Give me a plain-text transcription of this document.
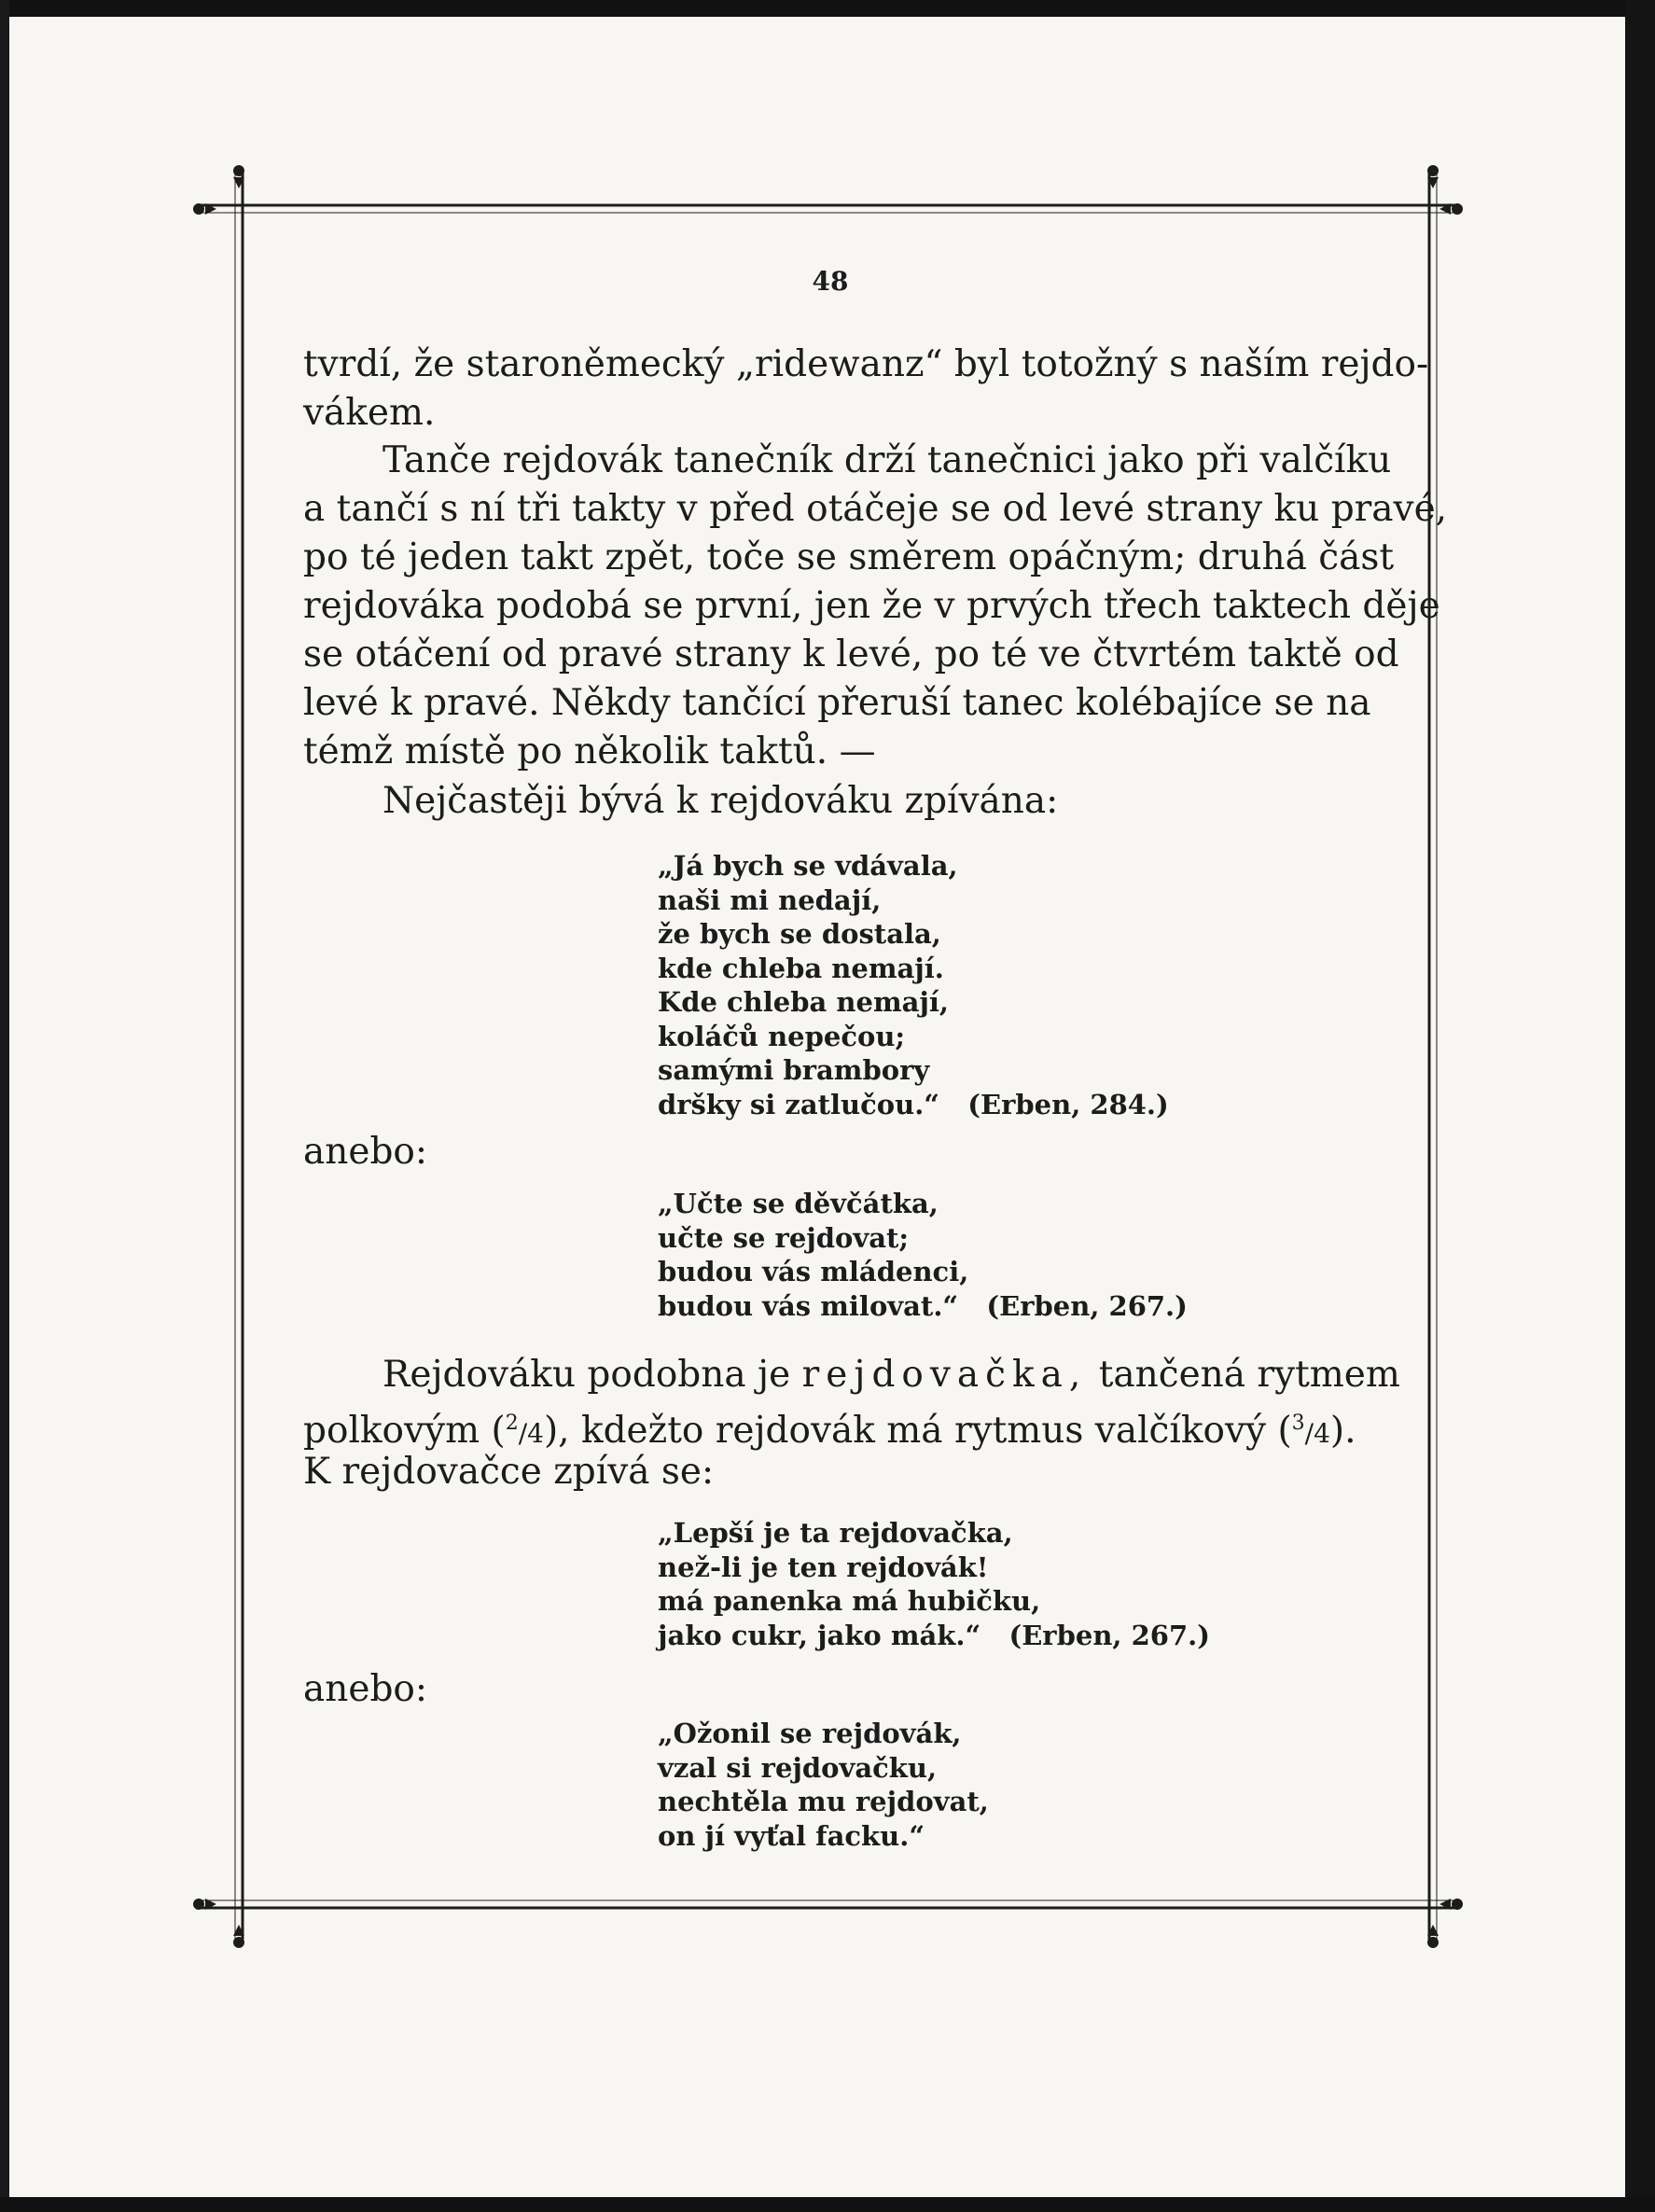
48
tvrdí, že staroněmecký „ridewanz“ byl totožný s naším rejdo-
vákem.
Tanče rejdovák tanečník drží tanečnici jako při valčíku
a tančí s ní tři takty v před otáčeje se od levé strany ku pravé,
po té jeden takt zpět, toče se směrem opáčným; druhá část
rejdováka podobá se první, jen že v prvých třech taktech děje
se otáčení od pravé strany k levé, po té ve čtvrtém taktě od
levé k pravé. Někdy tančící přeruší tanec kolébajíce se na
témž místě po několik taktů. —
Nejčastěji bývá k rejdováku zpívána:
„Já bych se vdávala,
naši mi nedají,
že bych se dostala,
kde chleba nemají.
Kde chleba nemají,
koláčů nepečou;
samými brambory
dršky si zatlučou.“ (Erben, 284.)
anebo:
„Učte se děvčátka,
učte se rejdovat;
budou vás mládenci,
budou vás milovat.“ (Erben, 267.)
Rejdováku podobna je rejdovačka, tančená rytmem
polkovým ($^2$/4), kdežto rejdovák má rytmus valčíkový ($^3$/4).
K rejdovačce zpívá se:
„Lepší je ta rejdovačka,
než-li je ten rejdovák!
má panenka má hubičku,
jako cukr, jako mák.“ (Erben, 267.)
anebo:
„Ožonil se rejdovák,
vzal si rejdovačku,
nechtěla mu rejdovat,
on jí vyťal facku.“
